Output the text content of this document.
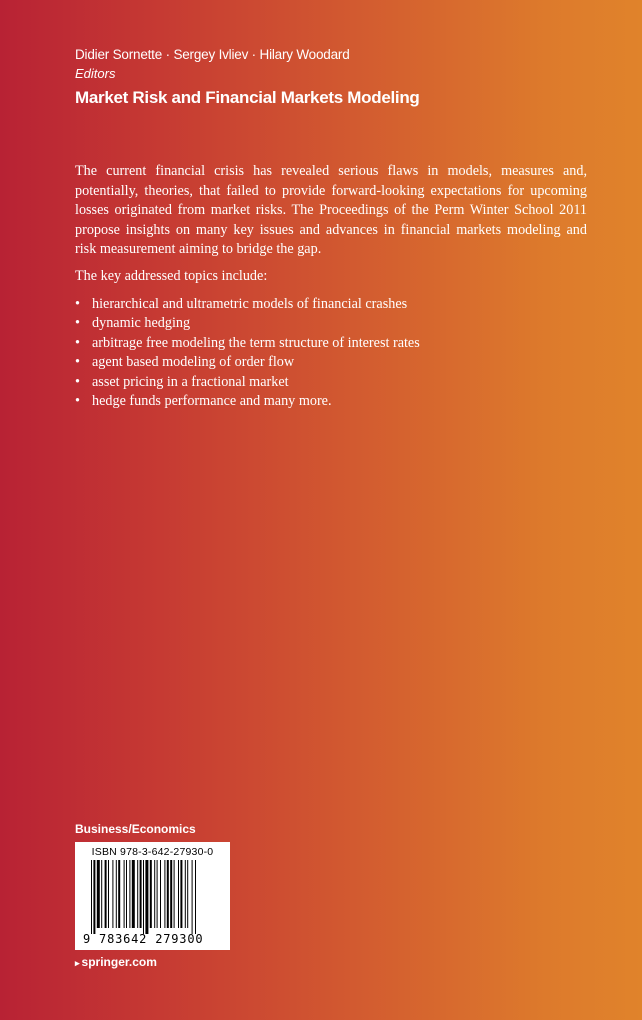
Didier Sornette · Sergey Ivliev · Hilary Woodard
Editors
Market Risk and Financial Markets Modeling

The current financial crisis has revealed serious flaws in models, measures and,
potentially, theories, that failed to provide forward-looking expectations for upcoming
losses originated from market risks. The Proceedings of the Perm Winter School 2011
propose insights on many key issues and advances in financial markets modeling and
risk measurement aiming to bridge the gap.

The key addressed topics include:
• hierarchical and ultrametric models of financial crashes
• dynamic hedging
• arbitrage free modeling the term structure of interest rates
• agent based modeling of order flow
• asset pricing in a fractional market
• hedge funds performance and many more.
Business/Economics
ISBN 978-3-642-27930-0
9 783642 279300
▸ springer.com
